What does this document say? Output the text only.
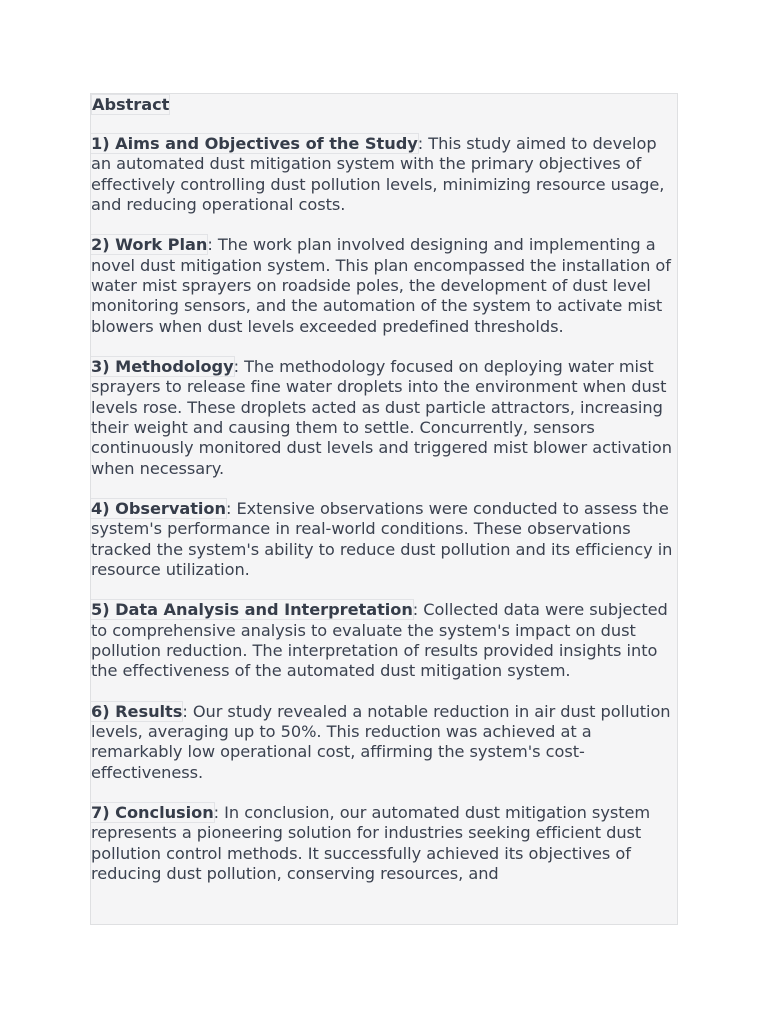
Abstract

1) Aims and Objectives of the Study: This study aimed to develop an automated dust mitigation system with the primary objectives of effectively controlling dust pollution levels, minimizing resource usage, and reducing operational costs.

2) Work Plan: The work plan involved designing and implementing a novel dust mitigation system. This plan encompassed the installation of water mist sprayers on roadside poles, the development of dust level monitoring sensors, and the automation of the system to activate mist blowers when dust levels exceeded predefined thresholds.

3) Methodology: The methodology focused on deploying water mist sprayers to release fine water droplets into the environment when dust levels rose. These droplets acted as dust particle attractors, increasing their weight and causing them to settle. Concurrently, sensors continuously monitored dust levels and triggered mist blower activation when necessary.

4) Observation: Extensive observations were conducted to assess the system's performance in real-world conditions. These observations tracked the system's ability to reduce dust pollution and its efficiency in resource utilization.

5) Data Analysis and Interpretation: Collected data were subjected to comprehensive analysis to evaluate the system's impact on dust pollution reduction. The interpretation of results provided insights into the effectiveness of the automated dust mitigation system.

6) Results: Our study revealed a notable reduction in air dust pollution levels, averaging up to 50%. This reduction was achieved at a remarkably low operational cost, affirming the system's cost-effectiveness.

7) Conclusion: In conclusion, our automated dust mitigation system represents a pioneering solution for industries seeking efficient dust pollution control methods. It successfully achieved its objectives of reducing dust pollution, conserving resources, and
